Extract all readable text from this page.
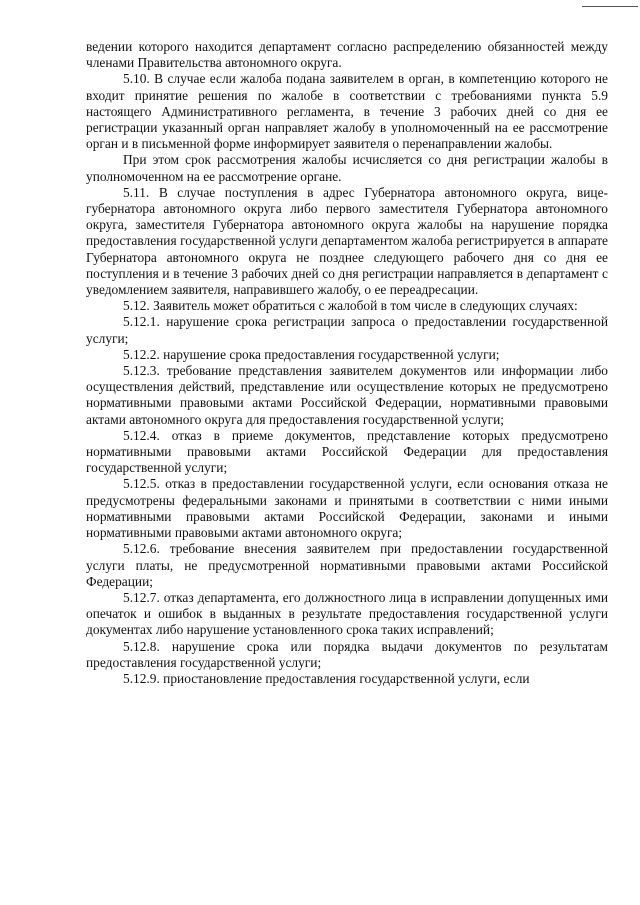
ведении которого находится департамент согласно распределению обязанностей между членами Правительства автономного округа.

5.10. В случае если жалоба подана заявителем в орган, в компетенцию которого не входит принятие решения по жалобе в соответствии с требованиями пункта 5.9 настоящего Административного регламента, в течение 3 рабочих дней со дня ее регистрации указанный орган направляет жалобу в уполномоченный на ее рассмотрение орган и в письменной форме информирует заявителя о перенаправлении жалобы.

При этом срок рассмотрения жалобы исчисляется со дня регистрации жалобы в уполномоченном на ее рассмотрение органе.

5.11. В случае поступления в адрес Губернатора автономного округа, вице-губернатора автономного округа либо первого заместителя Губернатора автономного округа, заместителя Губернатора автономного округа жалобы на нарушение порядка предоставления государственной услуги департаментом жалоба регистрируется в аппарате Губернатора автономного округа не позднее следующего рабочего дня со дня ее поступления и в течение 3 рабочих дней со дня регистрации направляется в департамент с уведомлением заявителя, направившего жалобу, о ее переадресации.

5.12. Заявитель может обратиться с жалобой в том числе в следующих случаях:

5.12.1. нарушение срока регистрации запроса о предоставлении государственной услуги;

5.12.2. нарушение срока предоставления государственной услуги;

5.12.3. требование представления заявителем документов или информации либо осуществления действий, представление или осуществление которых не предусмотрено нормативными правовыми актами Российской Федерации, нормативными правовыми актами автономного округа для предоставления государственной услуги;

5.12.4. отказ в приеме документов, представление которых предусмотрено нормативными правовыми актами Российской Федерации для предоставления государственной услуги;

5.12.5. отказ в предоставлении государственной услуги, если основания отказа не предусмотрены федеральными законами и принятыми в соответствии с ними иными нормативными правовыми актами Российской Федерации, законами и иными нормативными правовыми актами автономного округа;

5.12.6. требование внесения заявителем при предоставлении государственной услуги платы, не предусмотренной нормативными правовыми актами Российской Федерации;

5.12.7. отказ департамента, его должностного лица в исправлении допущенных ими опечаток и ошибок в выданных в результате предоставления государственной услуги документах либо нарушение установленного срока таких исправлений;

5.12.8. нарушение срока или порядка выдачи документов по результатам предоставления государственной услуги;

5.12.9. приостановление предоставления государственной услуги, если
